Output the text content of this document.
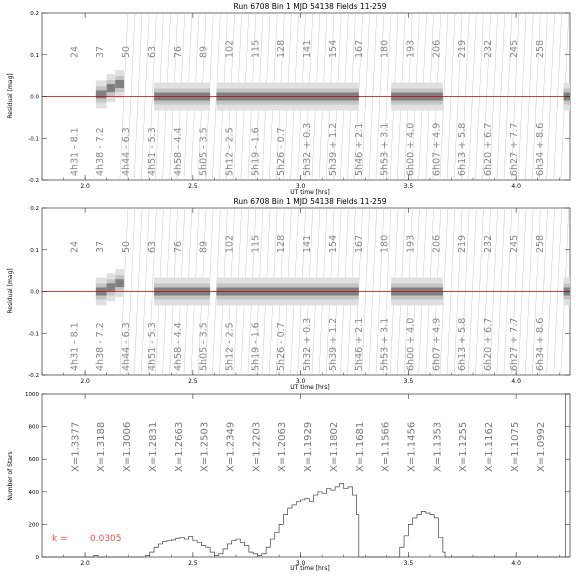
Run 6708 Bin 1 MJD 54138 Fields 11-259
24 37 50 63 76 89 102 115 128 141 154 167 180 193 206 219 232 245 258
4h31 - 8.1 4h38 - 7.2 4h44 - 6.3 4h51 - 5.3 4h58 - 4.4 5h05 - 3.5 5h12 - 2.5 5h19 - 1.6 5h26 - 0.7 5h32 + 0.3 5h39 + 1.2 5h46 + 2.1 5h53 + 3.1 6h00 + 4.0 6h07 + 4.9 6h13 + 5.8 6h20 + 6.7 6h27 + 7.7 6h34 + 8.6
2.0	2.5	3.0	3.5	4.0
-0.2
-0.1
0.0
0.1
0.2
UT time [hrs]
Residual [mag]
Run 6708 Bin 1 MJD 54138 Fields 11-259
24 37 50 63 76 89 102 115 128 141 154 167 180 193 206 219 232 245 258
4h31 - 8.1 4h38 - 7.2 4h44 - 6.3 4h51 - 5.3 4h58 - 4.4 5h05 - 3.5 5h12 - 2.5 5h19 - 1.6 5h26 - 0.7 5h32 + 0.3 5h39 + 1.2 5h46 + 2.1 5h53 + 3.1 6h00 + 4.0 6h07 + 4.9 6h13 + 5.8 6h20 + 6.7 6h27 + 7.7 6h34 + 8.6
2.0	2.5	3.0	3.5	4.0
-0.2
-0.1
0.0
0.1
0.2
UT time [hrs]
Residual [mag]
X=1.3377 X=1.3188 X=1.3006 X=1.2831 X=1.2663 X=1.2503 X=1.2349 X=1.2203 X=1.2063 X=1.1929 X=1.1802 X=1.1681 X=1.1566 X=1.1456 X=1.1353 X=1.1255 X=1.1162 X=1.1075 X=1.0992
2.0	2.5	3.0	3.5	4.0
0
200
400
600
800
1000
k = 0.0305
UT time [hrs]
Number of Stars
